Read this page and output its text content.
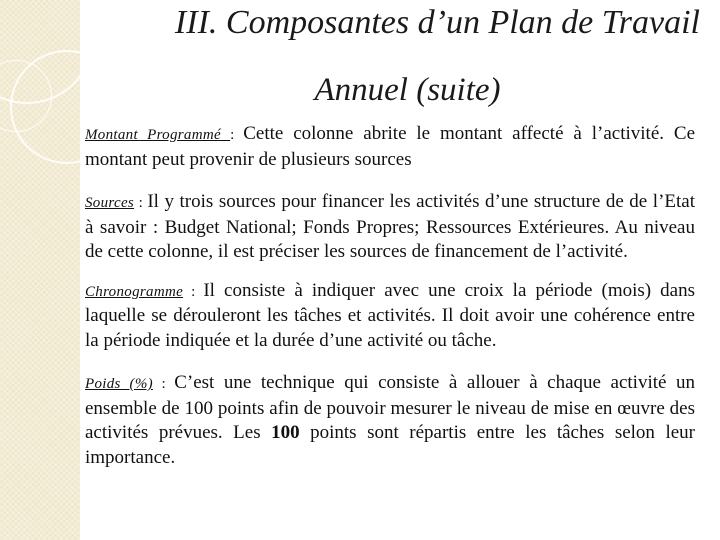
III. Composantes d’un Plan de Travail
Annuel (suite)

Montant Programmé : Cette colonne abrite le montant affecté à l’activité. Ce montant peut provenir de plusieurs sources

Sources : Il y trois sources pour financer les activités d’une structure de de l’Etat à savoir : Budget National; Fonds Propres; Ressources Extérieures. Au niveau de cette colonne, il est préciser les sources de financement de l’activité.

Chronogramme : Il consiste à indiquer avec une croix la période (mois) dans laquelle se dérouleront les tâches et activités. Il doit avoir une cohérence entre la période indiquée et la durée d’une activité ou tâche.

Poids (%) : C’est une technique qui consiste à allouer à chaque activité un ensemble de 100 points afin de pouvoir mesurer le niveau de mise en œuvre des activités prévues. Les 100 points sont répartis entre les tâches selon leur importance.
